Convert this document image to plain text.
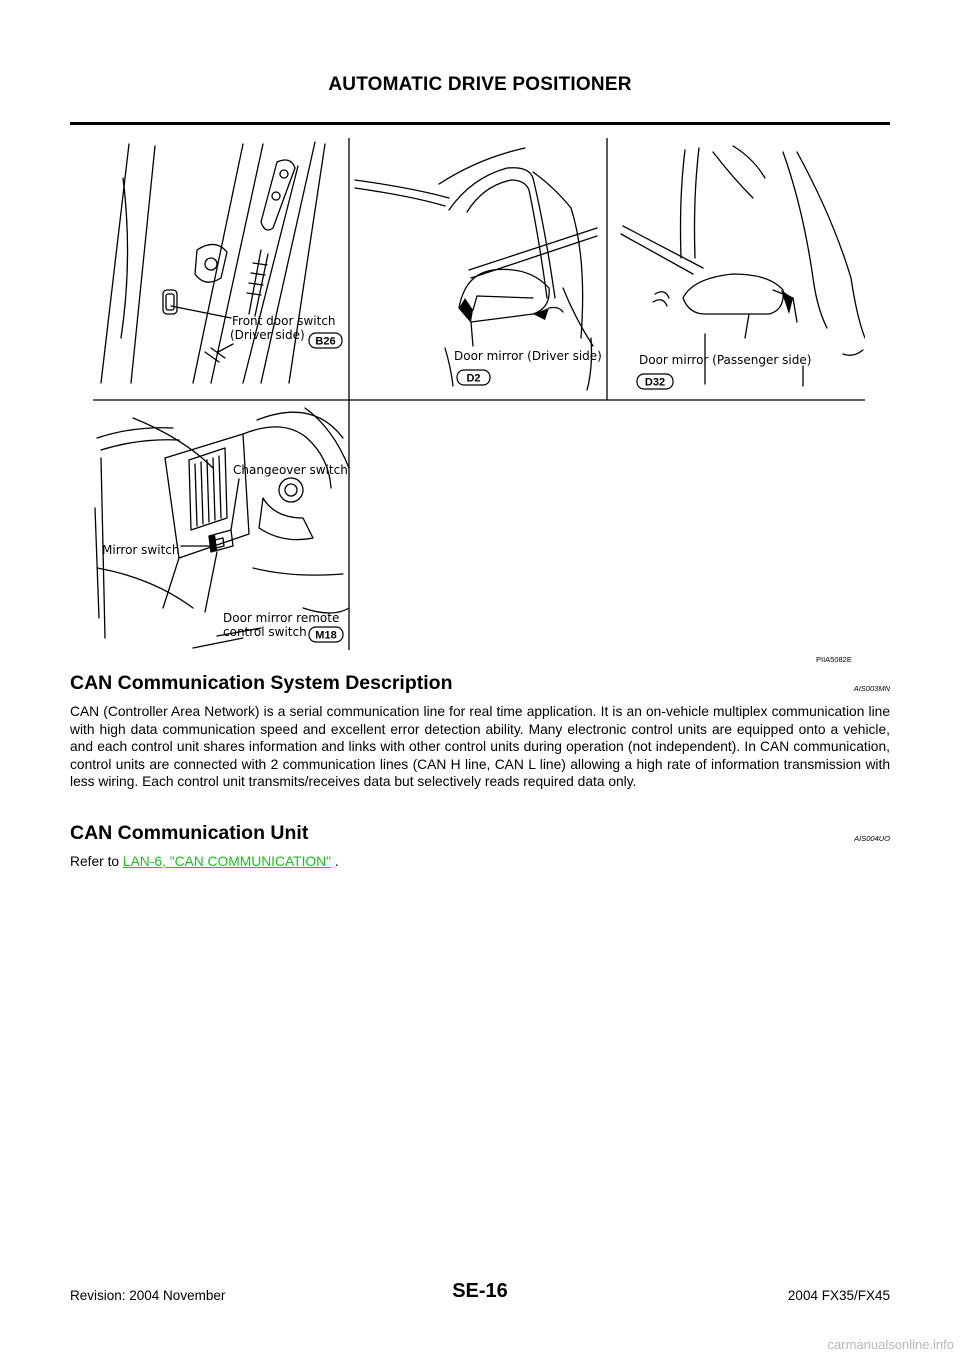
AUTOMATIC DRIVE POSITIONER
Front door switch
(Driver side) B26
Door mirror (Driver side)
D2
Door mirror (Passenger side)
D32
Changeover switch
Mirror switch
Door mirror remote
control switch M18
PIIA5082E
CAN Communication System Description	AIS003MN
CAN (Controller Area Network) is a serial communication line for real time application. It is an on-vehicle multiplex communication line with high data communication speed and excellent error detection ability. Many electronic control units are equipped onto a vehicle, and each control unit shares information and links with other control units during operation (not independent). In CAN communication, control units are connected with 2 communication lines (CAN H line, CAN L line) allowing a high rate of information transmission with less wiring. Each control unit transmits/receives data but selectively reads required data only.
CAN Communication Unit	AIS004UO
Refer to LAN-6, "CAN COMMUNICATION" .
Revision: 2004 November	SE-16	2004 FX35/FX45
carmanualsonline.info
